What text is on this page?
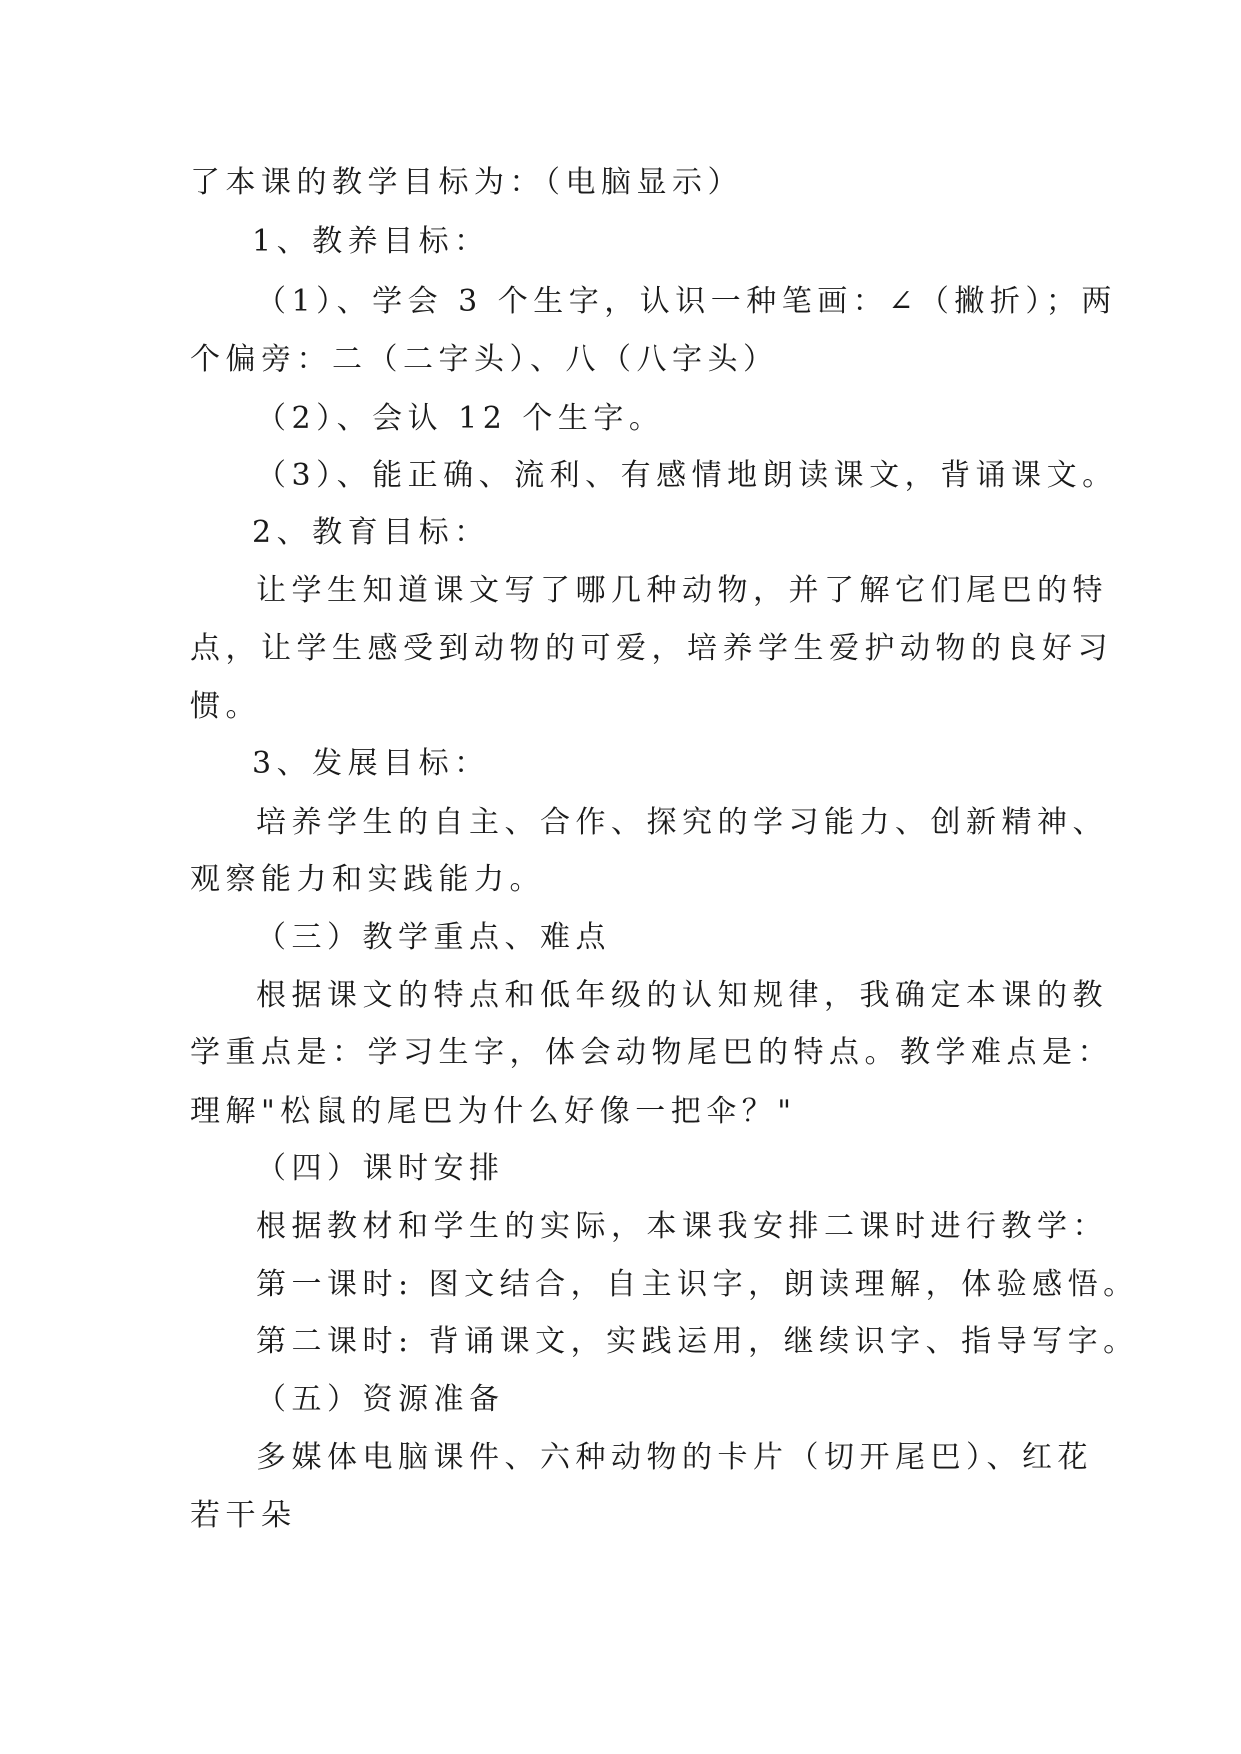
了本课的教学目标为：（电脑显示）
1、教养目标：
（1）、学会 3 个生字，认识一种笔画：∠（撇折）；两
个偏旁：二（二字头）、八（八字头）
（2）、会认 12 个生字。
（3）、能正确、流利、有感情地朗读课文，背诵课文。
2、教育目标：
让学生知道课文写了哪几种动物，并了解它们尾巴的特
点，让学生感受到动物的可爱，培养学生爱护动物的良好习
惯。
3、发展目标：
培养学生的自主、合作、探究的学习能力、创新精神、
观察能力和实践能力。
（三）教学重点、难点
根据课文的特点和低年级的认知规律，我确定本课的教
学重点是：学习生字，体会动物尾巴的特点。教学难点是：
理解"松鼠的尾巴为什么好像一把伞？"
（四）课时安排
根据教材和学生的实际，本课我安排二课时进行教学：
第一课时: 图文结合，自主识字，朗读理解，体验感悟。
第二课时: 背诵课文，实践运用，继续识字、指导写字。
（五）资源准备
多媒体电脑课件、六种动物的卡片（切开尾巴）、红花
若干朵
